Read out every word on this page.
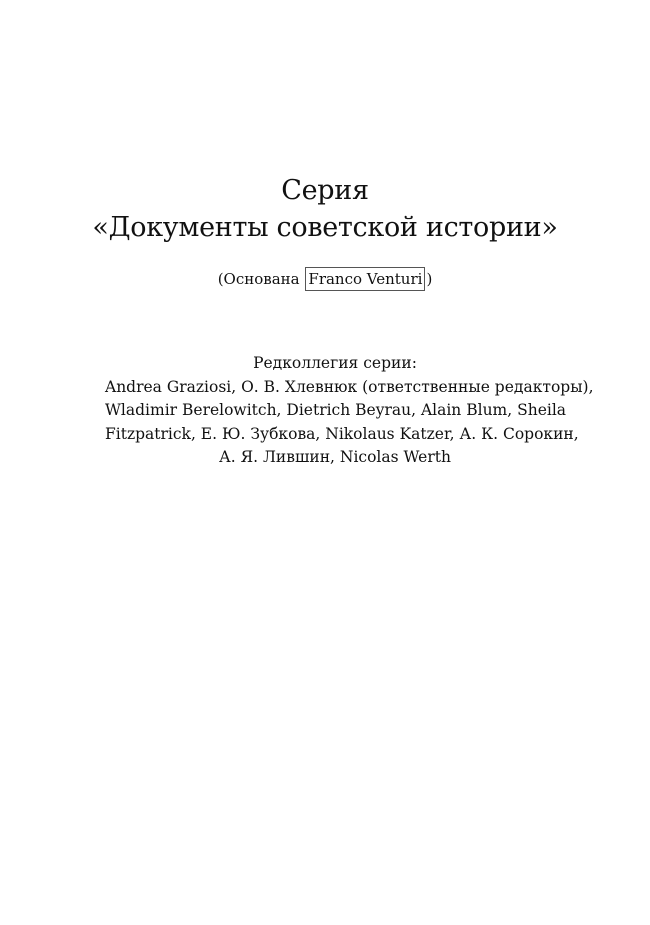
Серия
«Документы советской истории»
(Основана Franco Venturi )
Редколлегия серии:
Andrea Graziosi, О. В. Хлевнюк (ответственные редакторы),
Wladimir Berelowitch, Dietrich Beyrau, Alain Blum, Sheila
Fitzpatrick, Е. Ю. Зубкова, Nikolaus Katzer, А. К. Сорокин,
А. Я. Лившин, Nicolas Werth
